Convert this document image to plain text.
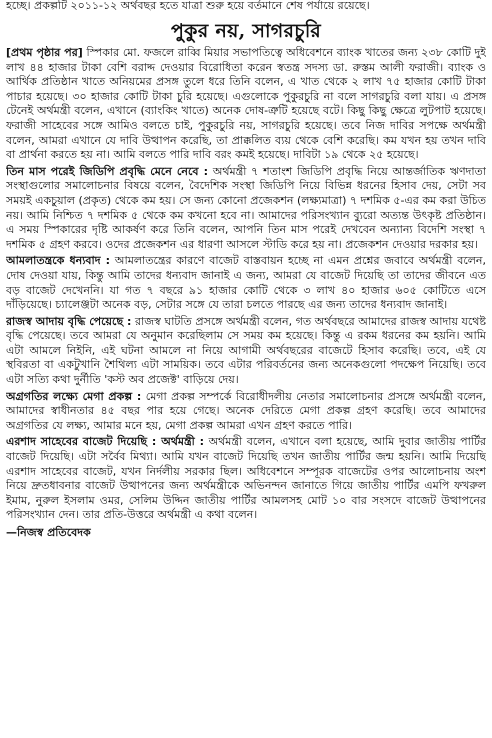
হচ্ছে। প্রকল্পটি ২০১১-১২ অর্থবছর হতে যাত্রা শুরু হয়ে বর্তমানে শেষ পর্যায়ে রয়েছে।
পুকুর নয়, সাগরচুরি

[প্রথম পৃষ্ঠার পর] স্পিকার মো. ফজলে রাব্বি মিয়ার সভাপতিত্বে অধিবেশনে ব্যাংক খাতের জন্য ২৩৮ কোটি দুই লাখ ৪৪ হাজার টাকা বেশি বরাদ্দ দেওয়ার বিরোধিতা করেন স্বতন্ত্র সদস্য ডা. রুস্তম আলী ফরাজী। ব্যাংক ও আর্থিক প্রতিষ্ঠান খাতে অনিয়মের প্রসঙ্গ তুলে ধরে তিনি বলেন, এ খাত থেকে ২ লাখ ৭৫ হাজার কোটি টাকা পাচার হয়েছে। ৩০ হাজার কোটি টাকা চুরি হয়েছে। এগুলোকে পুকুরচুরি না বলে সাগরচুরি বলা যায়। এ প্রসঙ্গ টেনেই অর্থমন্ত্রী বলেন, এখানে (ব্যাংকিং খাতে) অনেক দোষ-ত্রুটি হয়েছে বটে। কিছু কিছু ক্ষেত্রে লুটপাট হয়েছে। ফরাজী সাহেবের সঙ্গে আমিও বলতে চাই, পুকুরচুরি নয়, সাগরচুরি হয়েছে। তবে নিজ দাবির সপক্ষে অর্থমন্ত্রী বলেন, আমরা এখানে যে দাবি উত্থাপন করেছি, তা প্রাক্কলিত ব্যয় থেকে বেশি করেছি। কম যখন হয় তখন দাবি বা প্রার্থনা করতে হয় না। আমি বলতে পারি দাবি বরং কমই হয়েছে। দাবিটা ১৯ থেকে ২৫ হয়েছে।

তিন মাস পরেই জিডিপি প্রবৃদ্ধি মেনে নেবে : অর্থমন্ত্রী ৭ শতাংশ জিডিপি প্রবৃদ্ধি নিয়ে আন্তর্জাতিক ঋণদাতা সংস্থাগুলোর সমালোচনার বিষয়ে বলেন, বৈদেশিক সংস্থা জিডিপি নিয়ে বিভিন্ন ধরনের হিসাব দেয়, সেটা সব সময়ই একচুয়াল (প্রকৃত) থেকে কম হয়। সে জন্য কোনো প্রজেকশন (লক্ষ্যমাত্রা) ৭ দশমিক ৫-এর কম করা উচিত নয়। আমি নিশ্চিত ৭ দশমিক ৫ থেকে কম কখনো হবে না। আমাদের পরিসংখ্যান ব্যুরো অত্যন্ত উৎকৃষ্ট প্রতিষ্ঠান। এ সময় স্পিকারের দৃষ্টি আকর্ষণ করে তিনি বলেন, আপনি তিন মাস পরেই দেখবেন অন্যান্য বিদেশি সংস্থা ৭ দশমিক ৫ গ্রহণ করবে। ওদের প্রজেকশন এর ধারণা আসলে স্টাডি করে হয় না। প্রজেকশন দেওয়ার দরকার হয়।

আমলাতন্ত্রকে ধন্যবাদ : আমলাতন্ত্রের কারণে বাজেট বাস্তবায়ন হচ্ছে না এমন প্রশ্নের জবাবে অর্থমন্ত্রী বলেন, দোষ দেওয়া যায়, কিন্তু আমি তাদের ধন্যবাদ জানাই এ জন্য, আমরা যে বাজেট দিয়েছি তা তাদের জীবনে এত বড় বাজেট দেখেননি। যা গত ৭ বছরে ৯১ হাজার কোটি থেকে ৩ লাখ ৪০ হাজার ৬০৫ কোটিতে এসে দাঁড়িয়েছে। চ্যালেঞ্জটা অনেক বড়, সেটার সঙ্গে যে তারা চলতে পারছে এর জন্য তাদের ধন্যবাদ জানাই।

রাজস্ব আদায় বৃদ্ধি পেয়েছে : রাজস্ব ঘাটতি প্রসঙ্গে অর্থমন্ত্রী বলেন, গত অর্থবছরে আমাদের রাজস্ব আদায় যথেষ্ট বৃদ্ধি পেয়েছে। তবে আমরা যে অনুমান করেছিলাম সে সময় কম হয়েছে। কিন্তু এ রকম ধরনের কম হয়নি। আমি এটা আমলে নিইনি, এই ঘটনা আমলে না নিয়ে আগামী অর্থবছরের বাজেটে হিসাব করেছি। তবে, এই যে স্থবিরতা বা একটুখানি শৈথিল্য এটা সাময়িক। তবে এটার পরিবর্তনের জন্য অনেকগুলো পদক্ষেপ নিয়েছি। তবে এটা সত্যি কথা দুর্নীতি 'কস্ট অব প্রজেক্ট' বাড়িয়ে দেয়।

অগ্রগতির লক্ষ্যে মেগা প্রকল্প : মেগা প্রকল্প সম্পর্কে বিরোধীদলীয় নেতার সমালোচনার প্রসঙ্গে অর্থমন্ত্রী বলেন, আমাদের স্বাধীনতার ৪৫ বছর পার হয়ে গেছে। অনেক দেরিতে মেগা প্রকল্প গ্রহণ করেছি। তবে আমাদের অগ্রগতির যে লক্ষ্য, আমার মনে হয়, মেগা প্রকল্প আমরা এখন গ্রহণ করতে পারি।

এরশাদ সাহেবের বাজেট দিয়েছি : অর্থমন্ত্রী : অর্থমন্ত্রী বলেন, এখানে বলা হয়েছে, আমি দুবার জাতীয় পার্টির বাজেট দিয়েছি। এটা সর্বৈব মিথ্যা। আমি যখন বাজেট দিয়েছি তখন জাতীয় পার্টির জন্ম হয়নি। আমি দিয়েছি এরশাদ সাহেবের বাজেট, যখন নির্দলীয় সরকার ছিল। অধিবেশনে সম্পূরক বাজেটের ওপর আলোচনায় অংশ নিয়ে দ্রুতধাবনার বাজেট উত্থাপনের জন্য অর্থমন্ত্রীকে অভিনন্দন জানাতে গিয়ে জাতীয় পার্টির এমপি ফখরুল ইমাম, নুরুল ইসলাম ওমর, সেলিম উদ্দিন জাতীয় পার্টির আমলসহ মোট ১০ বার সংসদে বাজেট উত্থাপনের পরিসংখ্যান দেন। তার প্রতি-উত্তরে অর্থমন্ত্রী এ কথা বলেন।

—নিজস্ব প্রতিবেদক
